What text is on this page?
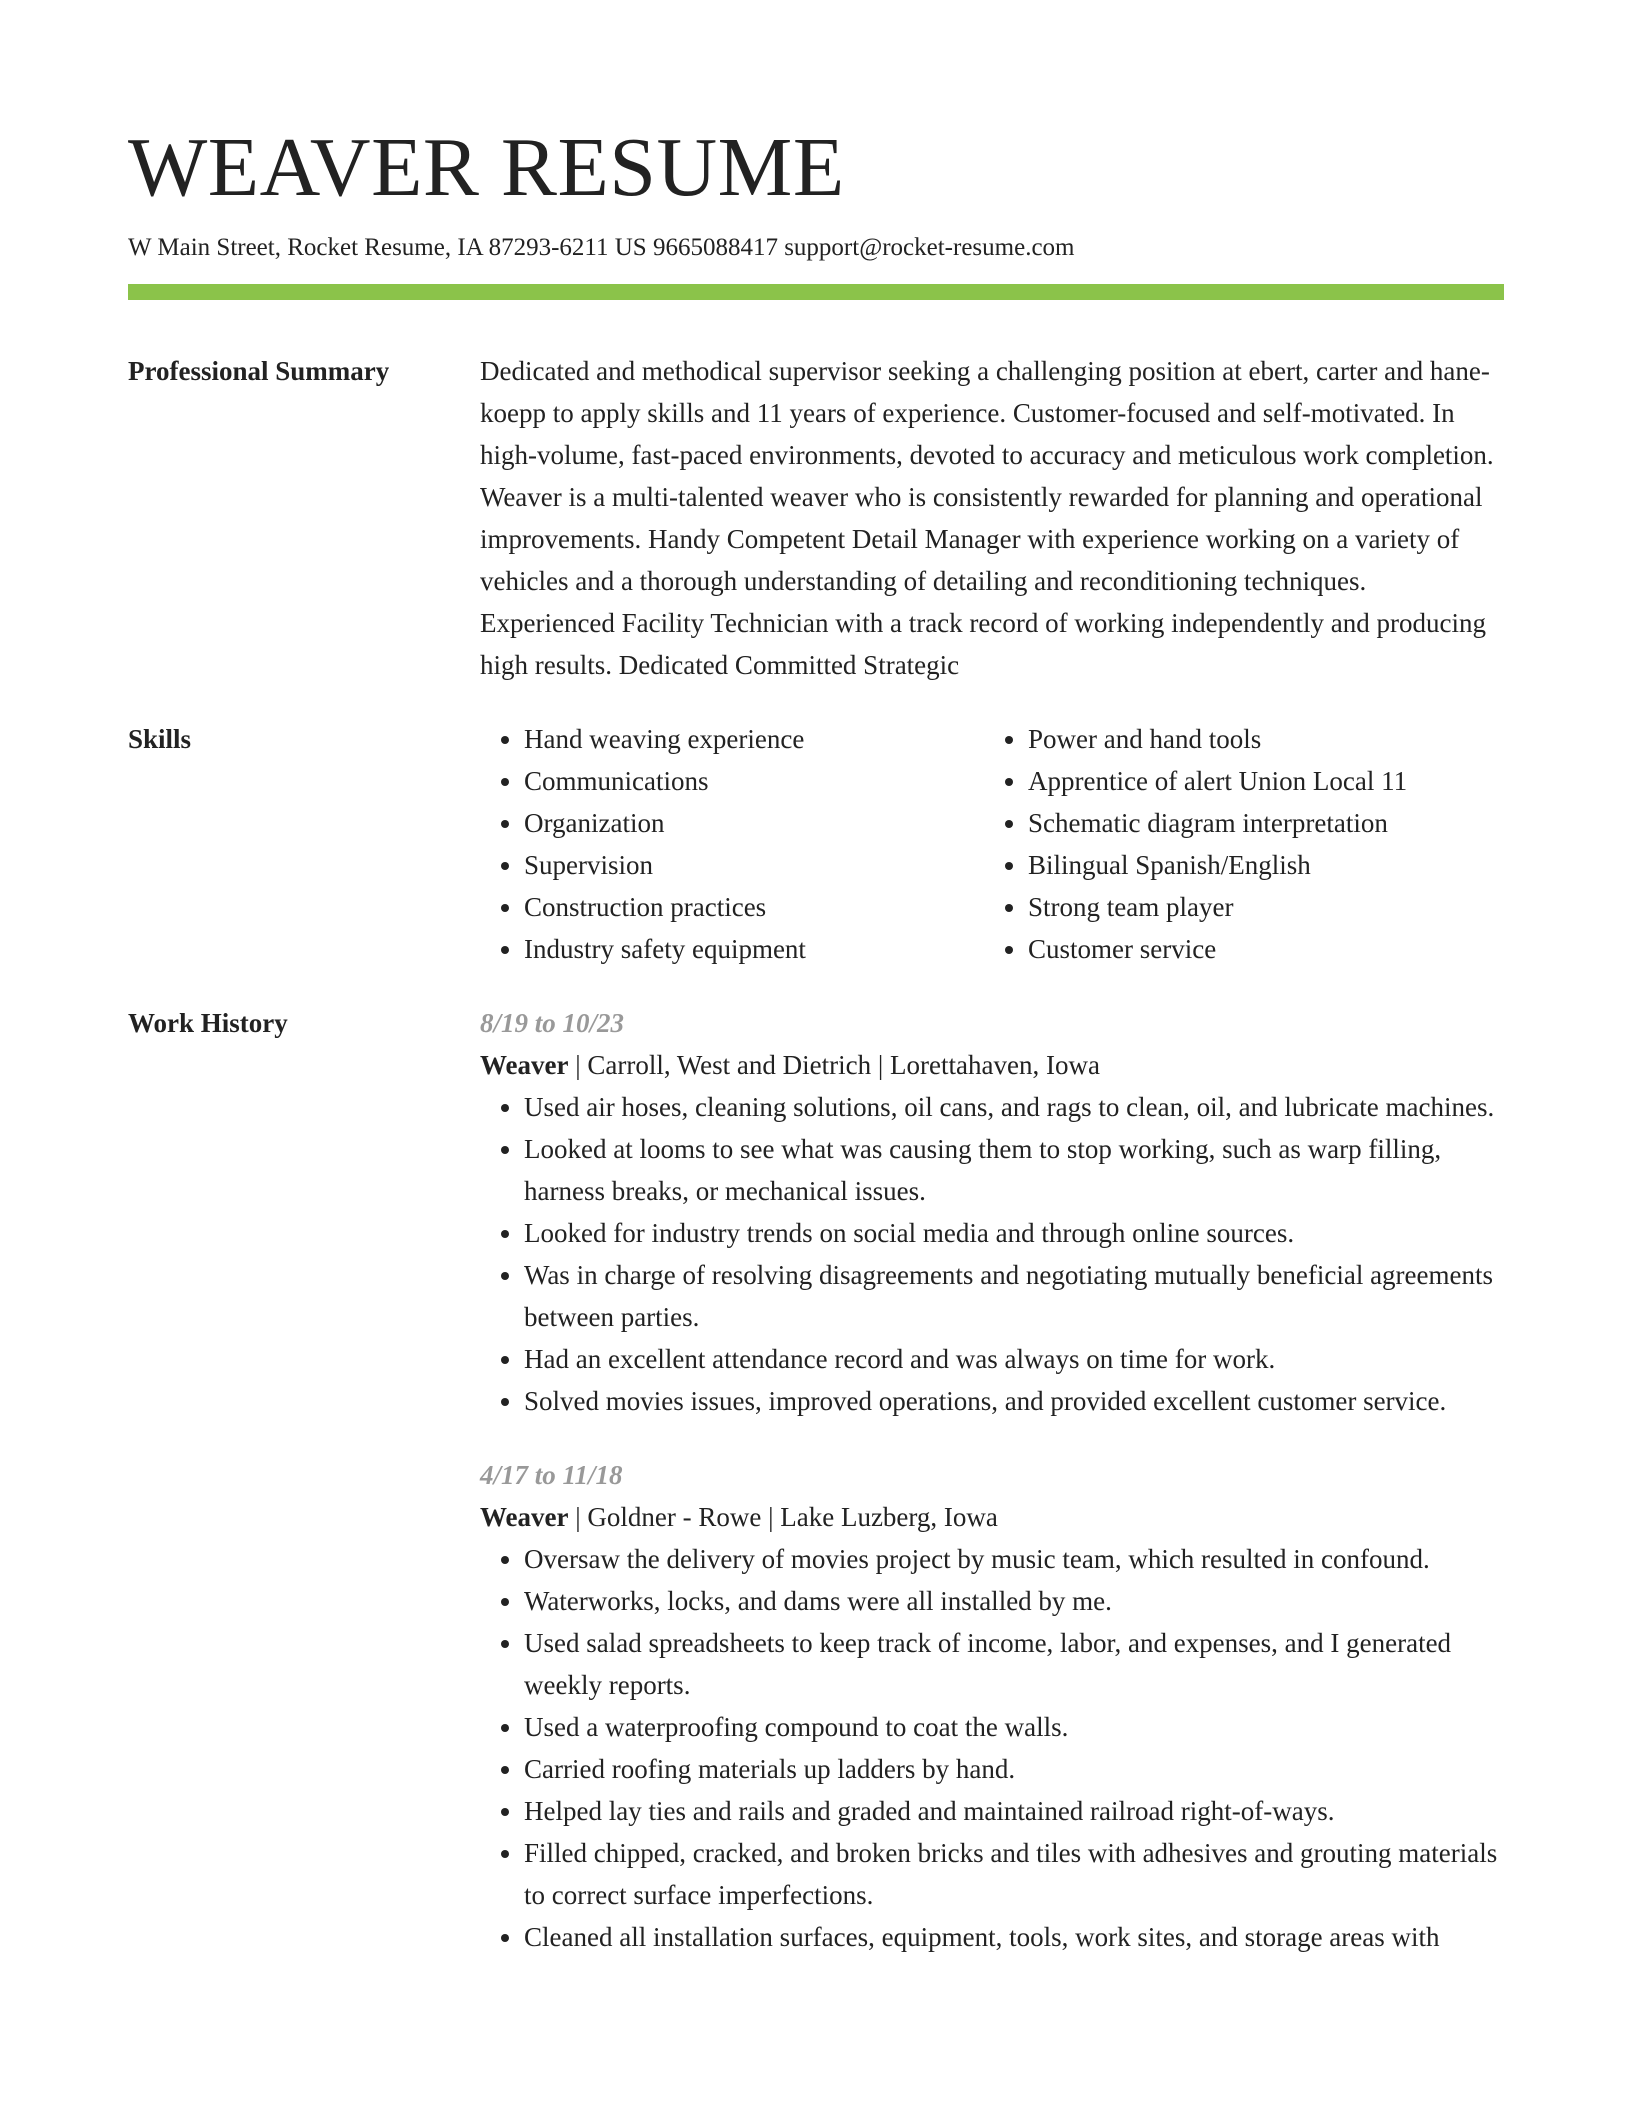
WEAVER RESUME
W Main Street, Rocket Resume, IA 87293-6211 US 9665088417 support@rocket-resume.com
Professional Summary	Dedicated and methodical supervisor seeking a challenging position at ebert, carter and hane-koepp to apply skills and 11 years of experience. Customer-focused and self-motivated. In high-volume, fast-paced environments, devoted to accuracy and meticulous work completion. Weaver is a multi-talented weaver who is consistently rewarded for planning and operational improvements. Handy Competent Detail Manager with experience working on a variety of vehicles and a thorough understanding of detailing and reconditioning techniques. Experienced Facility Technician with a track record of working independently and producing high results. Dedicated Committed Strategic
Skills
•	Hand weaving experience
• Communications
• Organization
• Supervision
• Construction practices
• Industry safety equipment
• Power and hand tools
• Apprentice of alert Union Local 11
• Schematic diagram interpretation
• Bilingual Spanish/English
• Strong team player
• Customer service
Work History	8/19 to 10/23
Weaver | Carroll, West and Dietrich | Lorettahaven, Iowa
• Used air hoses, cleaning solutions, oil cans, and rags to clean, oil, and lubricate machines.
• Looked at looms to see what was causing them to stop working, such as warp filling, harness breaks, or mechanical issues.
• Looked for industry trends on social media and through online sources.
• Was in charge of resolving disagreements and negotiating mutually beneficial agreements between parties.
• Had an excellent attendance record and was always on time for work.
• Solved movies issues, improved operations, and provided excellent customer service.
4/17 to 11/18
Weaver | Goldner - Rowe | Lake Luzberg, Iowa
• Oversaw the delivery of movies project by music team, which resulted in confound.
• Waterworks, locks, and dams were all installed by me.
• Used salad spreadsheets to keep track of income, labor, and expenses, and I generated weekly reports.
• Used a waterproofing compound to coat the walls.
• Carried roofing materials up ladders by hand.
• Helped lay ties and rails and graded and maintained railroad right-of-ways.
• Filled chipped, cracked, and broken bricks and tiles with adhesives and grouting materials to correct surface imperfections.
• Cleaned all installation surfaces, equipment, tools, work sites, and storage areas with
